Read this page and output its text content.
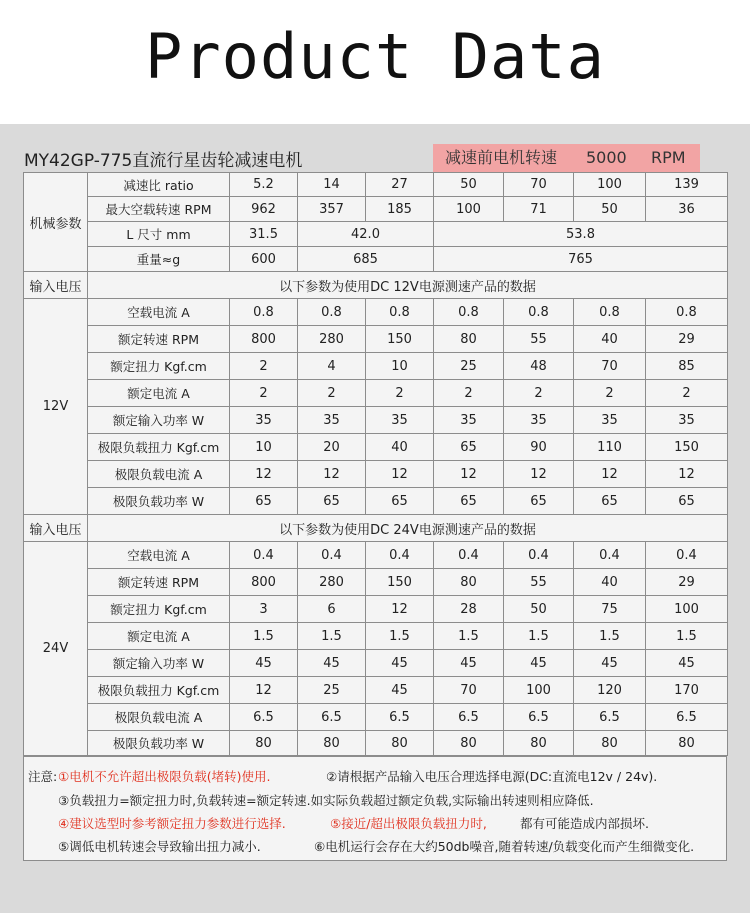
Product Data
MY42GP-775直流行星齿轮减速电机	减速前电机转速 5000 RPM
机械参数	减速比 ratio	5.2	14	27	50	70	100	139
	最大空载转速 RPM	962	357	185	100	71	50	36
	L 尺寸 mm	31.5	42.0		53.8			
	重量≈g	600	685		765			
输入电压	以下参数为使用DC 12V电源测速产品的数据							
12V	空载电流 A	0.8	0.8	0.8	0.8	0.8	0.8	0.8
	额定转速 RPM	800	280	150	80	55	40	29
	额定扭力 Kgf.cm	2	4	10	25	48	70	85
	额定电流 A	2	2	2	2	2	2	2
	额定输入功率 W	35	35	35	35	35	35	35
	极限负载扭力 Kgf.cm	10	20	40	65	90	110	150
	极限负载电流 A	12	12	12	12	12	12	12
	极限负载功率 W	65	65	65	65	65	65	65
输入电压	以下参数为使用DC 24V电源测速产品的数据							
24V	空载电流 A	0.4	0.4	0.4	0.4	0.4	0.4	0.4
	额定转速 RPM	800	280	150	80	55	40	29
	额定扭力 Kgf.cm	3	6	12	28	50	75	100
	额定电流 A	1.5	1.5	1.5	1.5	1.5	1.5	1.5
	额定输入功率 W	45	45	45	45	45	45	45
	极限负载扭力 Kgf.cm	12	25	45	70	100	120	170
	极限负载电流 A	6.5	6.5	6.5	6.5	6.5	6.5	6.5
	极限负载功率 W	80	80	80	80	80	80	80
注意: ①电机不允许超出极限负载(堵转)使用.	②请根据产品输入电压合理选择电源(DC:直流电12v / 24v).
③负载扭力=额定扭力时,负载转速=额定转速.如实际负载超过额定负载,实际输出转速则相应降低.
④建议选型时参考额定扭力参数进行选择.	⑤接近/超出极限负载扭力时,	都有可能造成内部损坏.
⑤调低电机转速会导致输出扭力减小.	⑥电机运行会存在大约50db噪音,随着转速/负载变化而产生细微变化.
